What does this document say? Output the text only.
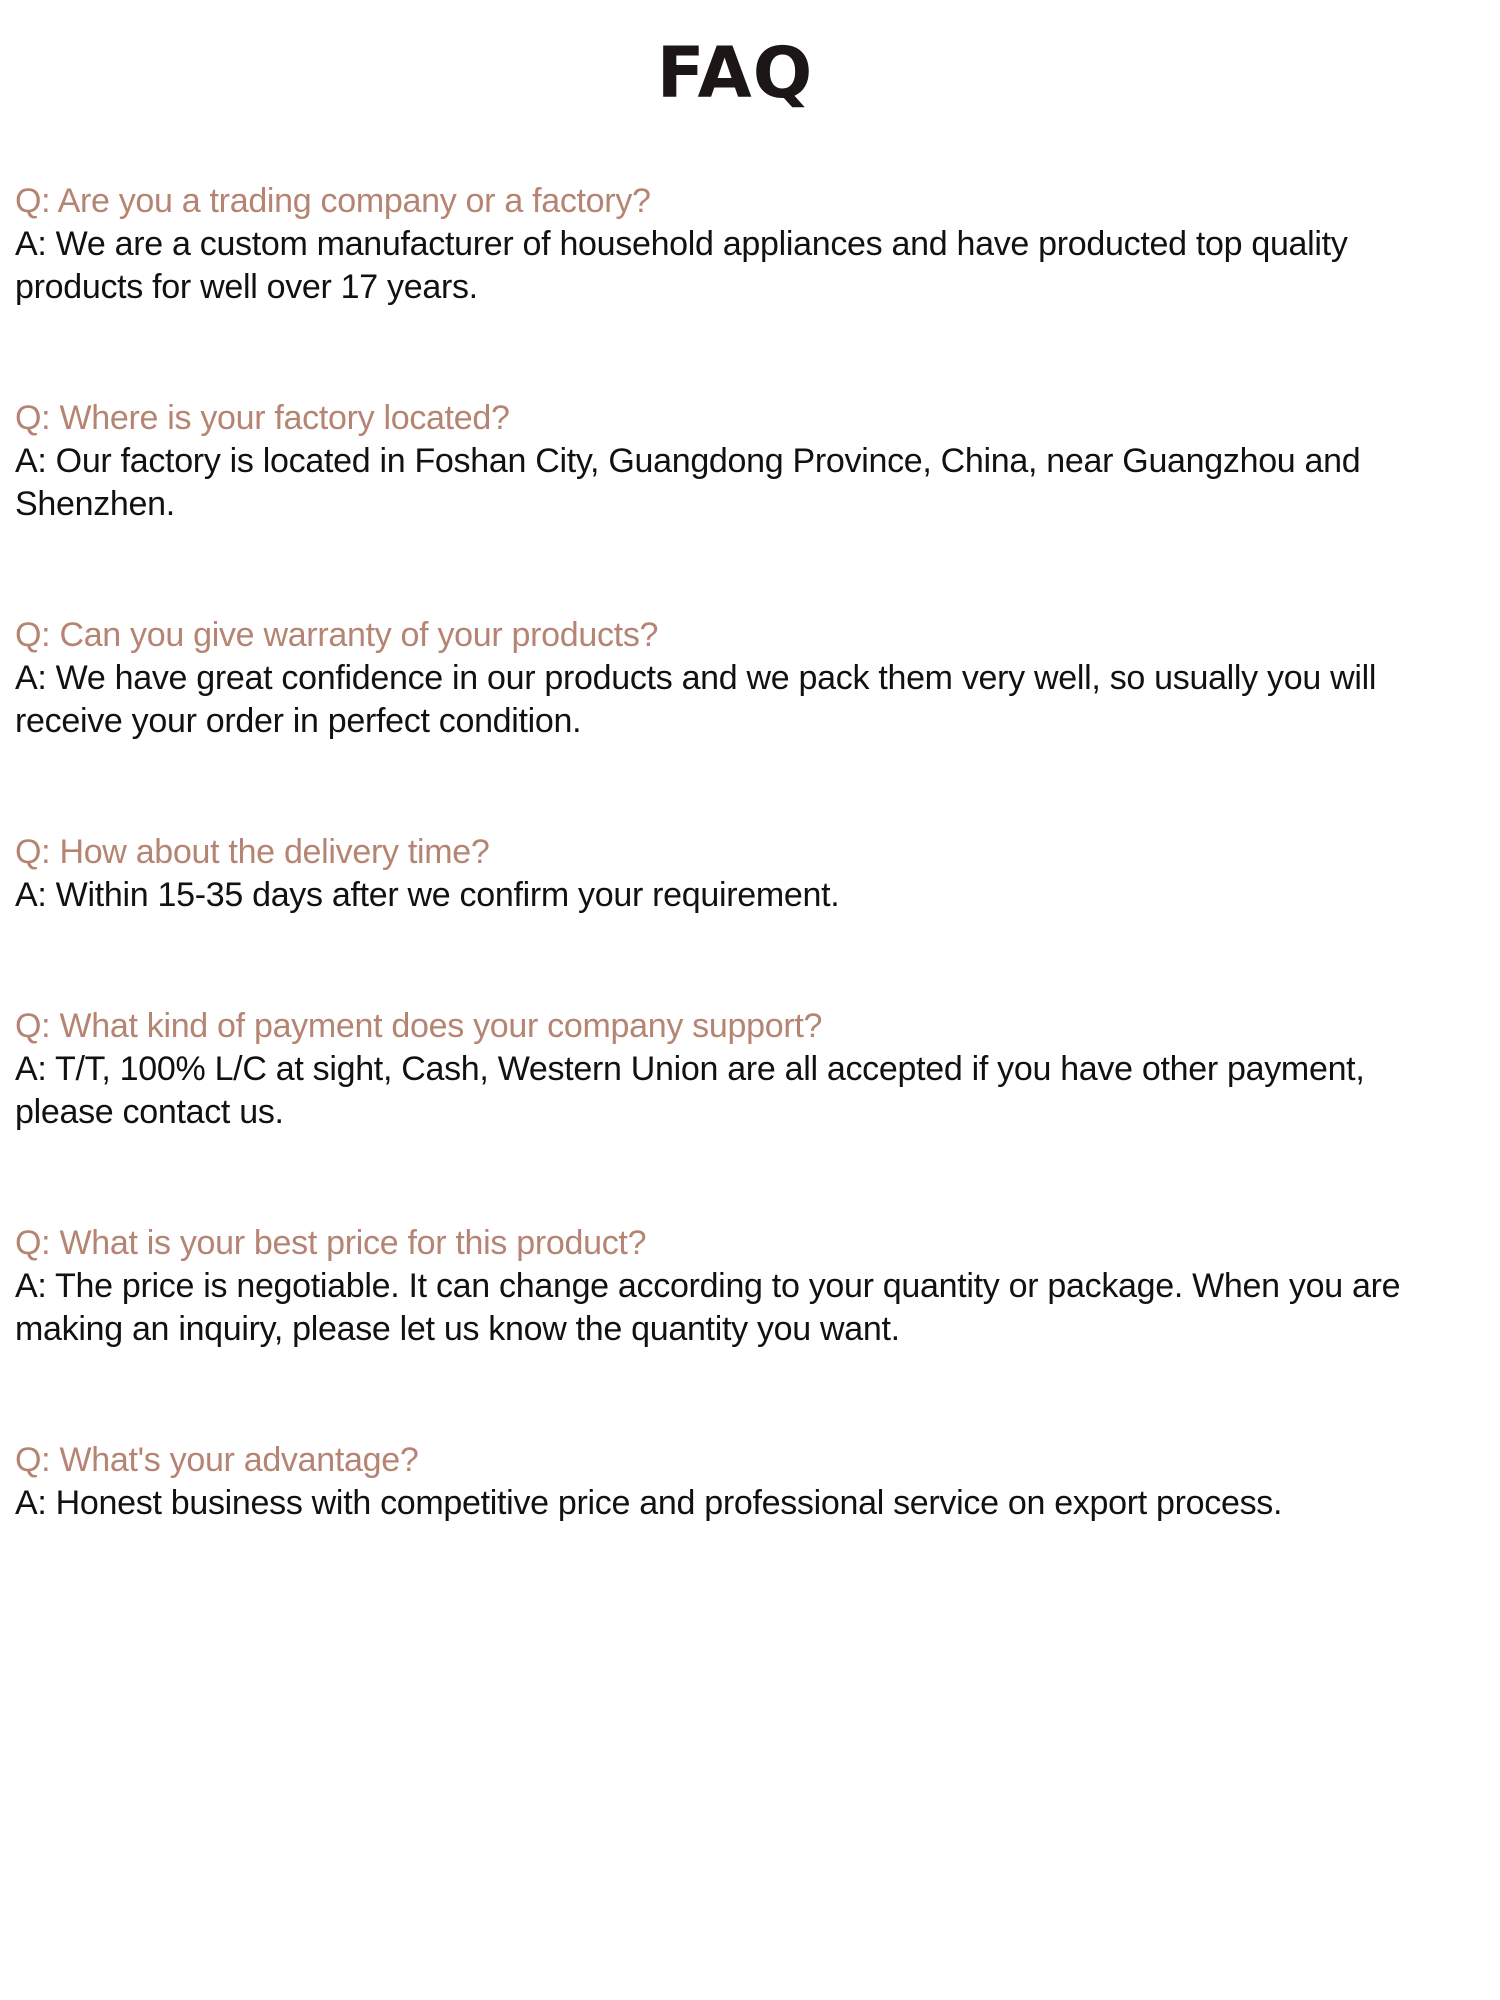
FAQ
Q: Are you a trading company or a factory?
A: We are a custom manufacturer of household appliances and have producted top quality products for well over 17 years.
Q: Where is your factory located?
A: Our factory is located in Foshan City, Guangdong Province, China, near Guangzhou and Shenzhen.
Q: Can you give warranty of your products?
A: We have great confidence in our products and we pack them very well, so usually you will receive your order in perfect condition.
Q: How about the delivery time?
A: Within 15-35 days after we confirm your requirement.
Q: What kind of payment does your company support?
A: T/T, 100% L/C at sight, Cash, Western Union are all accepted if you have other payment, please contact us.
Q: What is your best price for this product?
A: The price is negotiable. It can change according to your quantity or package. When you are making an inquiry, please let us know the quantity you want.
Q: What's your advantage?
A: Honest business with competitive price and professional service on export process.
